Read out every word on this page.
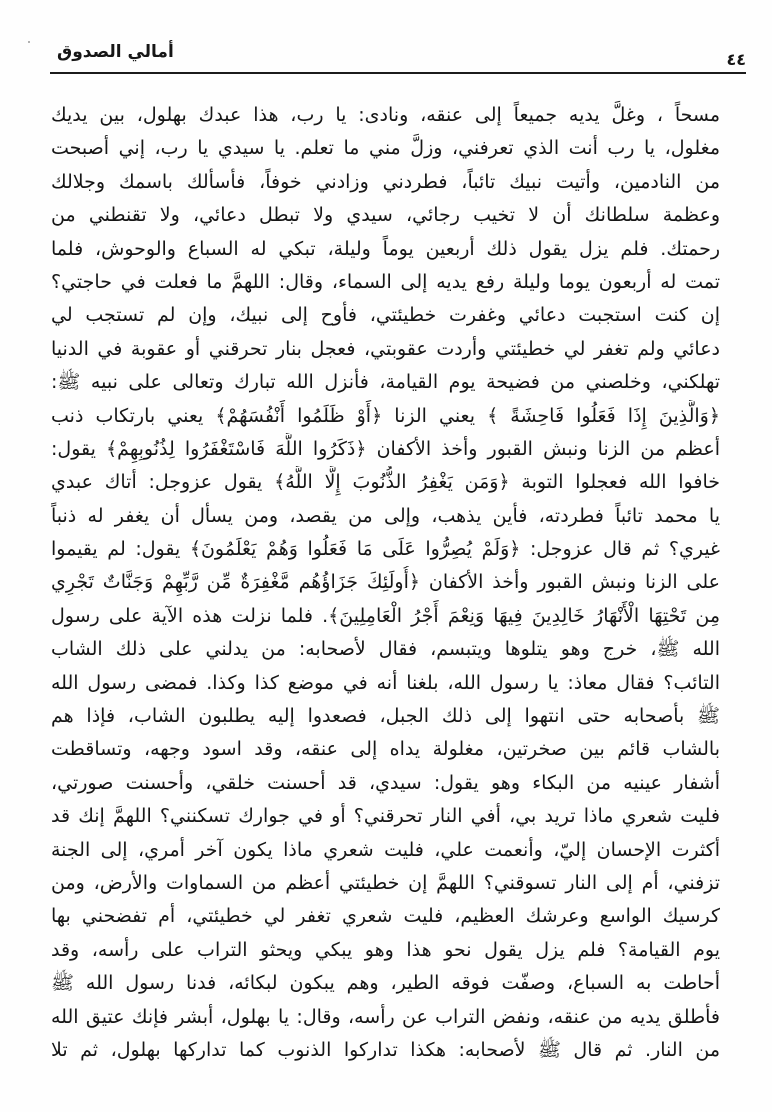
أمالي الصدوق	٤٤
مسحاً ، وغلَّ يديه جميعاً إلى عنقه، ونادى: يا رب، هذا عبدك بهلول، بين يديك
مغلول، يا رب أنت الذي تعرفني، وزلَّ مني ما تعلم. يا سيدي يا رب، إني أصبحت
من النادمين، وأتيت نبيك تائباً، فطردني وزادني خوفاً، فأسألك باسمك وجلالك
وعظمة سلطانك أن لا تخيب رجائي، سيدي ولا تبطل دعائي، ولا تقنطني من
رحمتك. فلم يزل يقول ذلك أربعين يوماً وليلة، تبكي له السباع والوحوش، فلما
تمت له أربعون يوما وليلة رفع يديه إلى السماء، وقال: اللهمَّ ما فعلت في حاجتي؟
إن كنت استجبت دعائي وغفرت خطيئتي، فأوح إلى نبيك، وإن لم تستجب لي
دعائي ولم تغفر لي خطيئتي وأردت عقوبتي، فعجل بنار تحرقني أو عقوبة في الدنيا
تهلكني، وخلصني من فضيحة يوم القيامة، فأنزل الله تبارك وتعالى على نبيه ﷺ:
﴿وَالَّذِينَ إِذَا فَعَلُوا فَاحِشَةً ﴾ يعني الزنا ﴿أَوْ ظَلَمُوا أَنْفُسَهُمْ﴾ يعني بارتكاب ذنب
أعظم من الزنا ونبش القبور وأخذ الأكفان ﴿ذَكَرُوا اللَّهَ فَاسْتَغْفَرُوا لِذُنُوبِهِمْ﴾ يقول:
خافوا الله فعجلوا التوبة ﴿وَمَن يَغْفِرُ الذُّنُوبَ إِلَّا اللَّهُ﴾ يقول عزوجل: أتاك عبدي
يا محمد تائباً فطردته، فأين يذهب، وإلى من يقصد، ومن يسأل أن يغفر له ذنباً
غيري؟ ثم قال عزوجل: ﴿وَلَمْ يُصِرُّوا عَلَى مَا فَعَلُوا وَهُمْ يَعْلَمُونَ﴾ يقول: لم يقيموا
على الزنا ونبش القبور وأخذ الأكفان ﴿أُولَئِكَ جَزَاؤُهُم مَّغْفِرَةٌ مِّن رَّبِّهِمْ وَجَنَّاتٌ تَجْرِي
مِن تَحْتِهَا الْأَنْهَارُ خَالِدِينَ فِيهَا وَنِعْمَ أَجْرُ الْعَامِلِينَ﴾. فلما نزلت هذه الآية على رسول
الله ﷺ، خرج وهو يتلوها ويتبسم، فقال لأصحابه: من يدلني على ذلك الشاب
التائب؟ فقال معاذ: يا رسول الله، بلغنا أنه في موضع كذا وكذا. فمضى رسول الله
ﷺ بأصحابه حتى انتهوا إلى ذلك الجبل، فصعدوا إليه يطلبون الشاب، فإذا هم
بالشاب قائم بين صخرتين، مغلولة يداه إلى عنقه، وقد اسود وجهه، وتساقطت
أشفار عينيه من البكاء وهو يقول: سيدي، قد أحسنت خلقي، وأحسنت صورتي،
فليت شعري ماذا تريد بي، أفي النار تحرقني؟ أو في جوارك تسكنني؟ اللهمَّ إنك قد
أكثرت الإحسان إليّ، وأنعمت علي، فليت شعري ماذا يكون آخر أمري، إلى الجنة
تزفني، أم إلى النار تسوقني؟ اللهمَّ إن خطيئتي أعظم من السماوات والأرض، ومن
كرسيك الواسع وعرشك العظيم، فليت شعري تغفر لي خطيئتي، أم تفضحني بها
يوم القيامة؟ فلم يزل يقول نحو هذا وهو يبكي ويحثو التراب على رأسه، وقد
أحاطت به السباع، وصفّت فوقه الطير، وهم يبكون لبكائه، فدنا رسول الله ﷺ
فأطلق يديه من عنقه، ونفض التراب عن رأسه، وقال: يا بهلول، أبشر فإنك عتيق الله
من النار. ثم قال ﷺ لأصحابه: هكذا تداركوا الذنوب كما تداركها بهلول، ثم تلا
